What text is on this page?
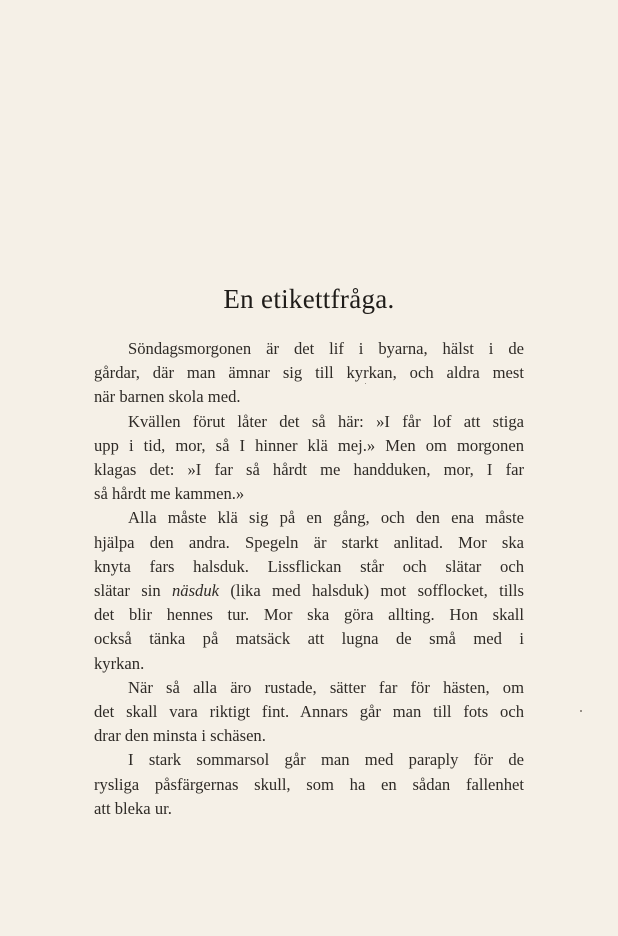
En etikettfråga.

Söndagsmorgonen är det lif i byarna, hälst i de
gårdar, där man ämnar sig till kyrkan, och aldra mest
när barnen skola med.

Kvällen förut låter det så här: »I får lof att stiga
upp i tid, mor, så I hinner klä mej.» Men om morgonen
klagas det: »I far så hårdt me handduken, mor, I far
så hårdt me kammen.»

Alla måste klä sig på en gång, och den ena måste
hjälpa den andra. Spegeln är starkt anlitad. Mor ska
knyta fars halsduk. Lissflickan står och slätar och
slätar sin näsduk (lika med halsduk) mot sofflocket, tills
det blir hennes tur. Mor ska göra allting. Hon skall
också tänka på matsäck att lugna de små med i
kyrkan.

När så alla äro rustade, sätter far för hästen, om
det skall vara riktigt fint. Annars går man till fots och
drar den minsta i schäsen.

I stark sommarsol går man med paraply för de
rysliga påsfärgernas skull, som ha en sådan fallenhet
att bleka ur.
